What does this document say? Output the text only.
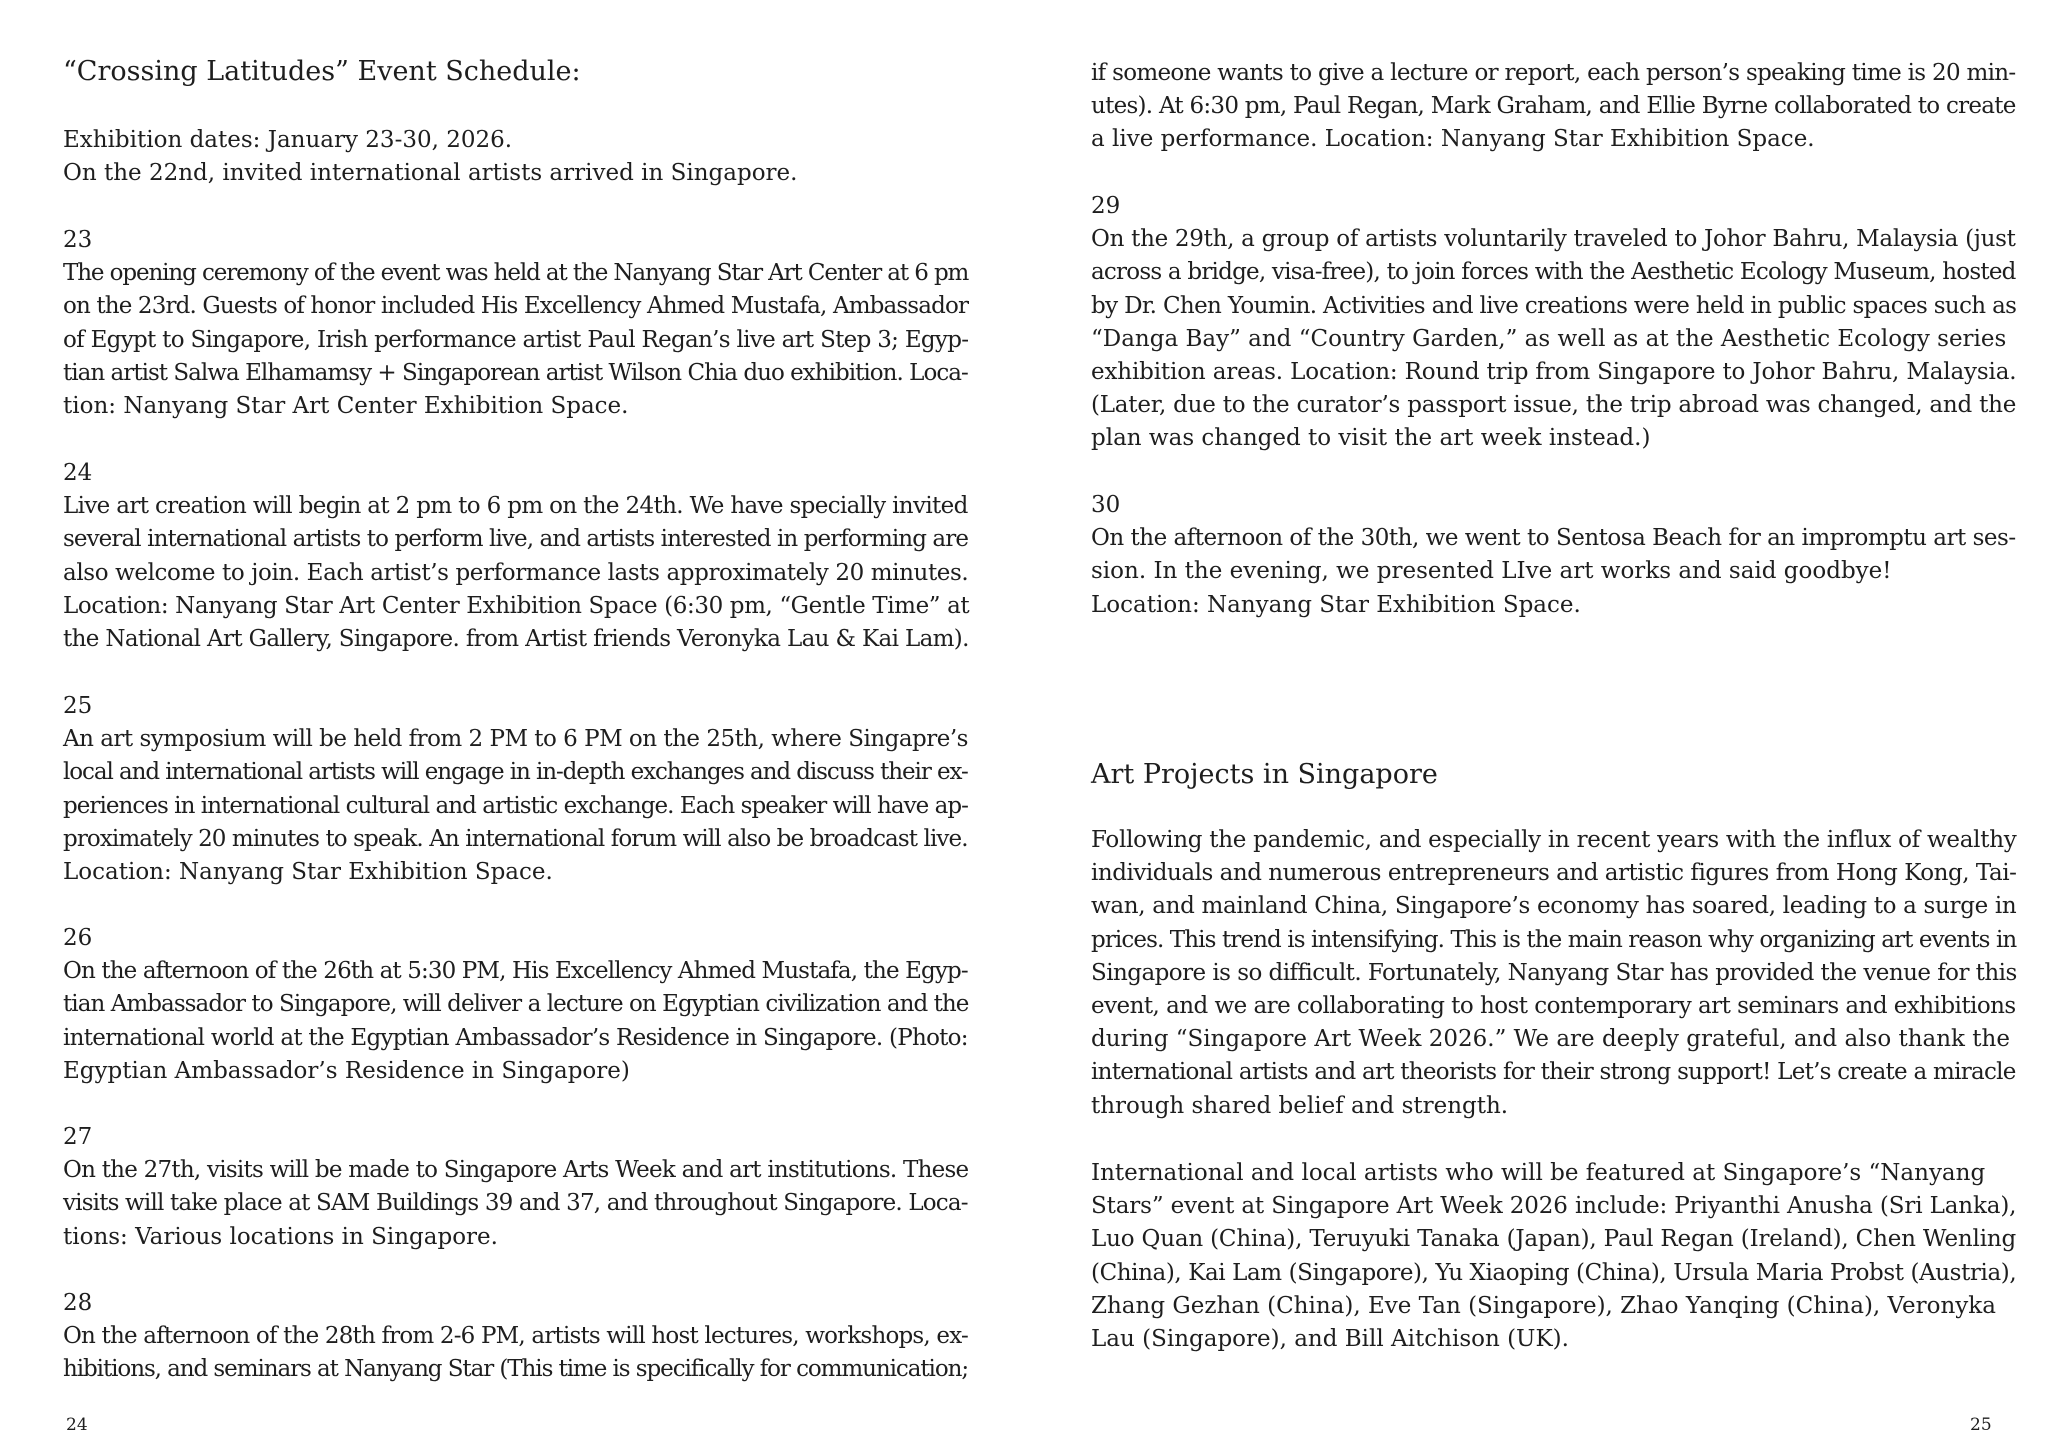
“Crossing Latitudes” Event Schedule:
Exhibition dates: January 23-30, 2026.
On the 22nd, invited international artists arrived in Singapore.
23
The opening ceremony of the event was held at the Nanyang Star Art Center at 6 pm
on the 23rd. Guests of honor included His Excellency Ahmed Mustafa, Ambassador
of Egypt to Singapore, Irish performance artist Paul Regan’s live art Step 3; Egyp-
tian artist Salwa Elhamamsy + Singaporean artist Wilson Chia duo exhibition. Loca-
tion: Nanyang Star Art Center Exhibition Space.
24
Live art creation will begin at 2 pm to 6 pm on the 24th. We have specially invited
several international artists to perform live, and artists interested in performing are
also welcome to join. Each artist’s performance lasts approximately 20 minutes.
Location: Nanyang Star Art Center Exhibition Space (6:30 pm, “Gentle Time” at
the National Art Gallery, Singapore. from Artist friends Veronyka Lau & Kai Lam).
25
An art symposium will be held from 2 PM to 6 PM on the 25th, where Singapre’s
local and international artists will engage in in-depth exchanges and discuss their ex-
periences in international cultural and artistic exchange. Each speaker will have ap-
proximately 20 minutes to speak. An international forum will also be broadcast live.
Location: Nanyang Star Exhibition Space.
26
On the afternoon of the 26th at 5:30 PM, His Excellency Ahmed Mustafa, the Egyp-
tian Ambassador to Singapore, will deliver a lecture on Egyptian civilization and the
international world at the Egyptian Ambassador’s Residence in Singapore. (Photo:
Egyptian Ambassador’s Residence in Singapore)
27
On the 27th, visits will be made to Singapore Arts Week and art institutions. These
visits will take place at SAM Buildings 39 and 37, and throughout Singapore. Loca-
tions: Various locations in Singapore.
28
On the afternoon of the 28th from 2-6 PM, artists will host lectures, workshops, ex-
hibitions, and seminars at Nanyang Star (This time is specifically for communication;
24
if someone wants to give a lecture or report, each person’s speaking time is 20 min-
utes). At 6:30 pm, Paul Regan, Mark Graham, and Ellie Byrne collaborated to create
a live performance. Location: Nanyang Star Exhibition Space.
29
On the 29th, a group of artists voluntarily traveled to Johor Bahru, Malaysia (just
across a bridge, visa-free), to join forces with the Aesthetic Ecology Museum, hosted
by Dr. Chen Youmin. Activities and live creations were held in public spaces such as
“Danga Bay” and “Country Garden,” as well as at the Aesthetic Ecology series
exhibition areas. Location: Round trip from Singapore to Johor Bahru, Malaysia.
(Later, due to the curator’s passport issue, the trip abroad was changed, and the
plan was changed to visit the art week instead.)
30
On the afternoon of the 30th, we went to Sentosa Beach for an impromptu art ses-
sion. In the evening, we presented LIve art works and said goodbye!
Location: Nanyang Star Exhibition Space.
Art Projects in Singapore
Following the pandemic, and especially in recent years with the influx of wealthy
individuals and numerous entrepreneurs and artistic figures from Hong Kong, Tai-
wan, and mainland China, Singapore’s economy has soared, leading to a surge in
prices. This trend is intensifying. This is the main reason why organizing art events in
Singapore is so difficult. Fortunately, Nanyang Star has provided the venue for this
event, and we are collaborating to host contemporary art seminars and exhibitions
during “Singapore Art Week 2026.” We are deeply grateful, and also thank the
international artists and art theorists for their strong support! Let’s create a miracle
through shared belief and strength.
International and local artists who will be featured at Singapore’s “Nanyang
Stars” event at Singapore Art Week 2026 include: Priyanthi Anusha (Sri Lanka),
Luo Quan (China), Teruyuki Tanaka (Japan), Paul Regan (Ireland), Chen Wenling
(China), Kai Lam (Singapore), Yu Xiaoping (China), Ursula Maria Probst (Austria),
Zhang Gezhan (China), Eve Tan (Singapore), Zhao Yanqing (China), Veronyka
Lau (Singapore), and Bill Aitchison (UK).
25
